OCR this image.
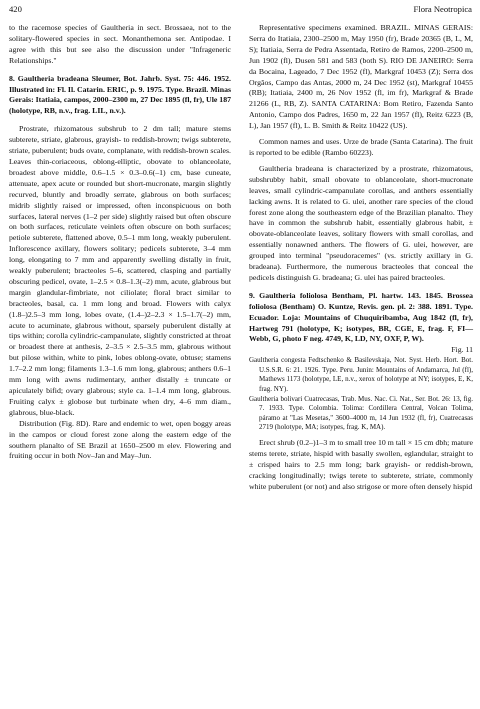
420	Flora Neotropica

to the racemose species of Gaultheria in sect. Brossaea, not to the solitary-flowered species in sect. Monanthemona ser. Antipodae. I agree with this but see also the discussion under "Infrageneric Relationships."

8. Gaultheria bradeana Sleumer, Bot. Jahrb. Syst. 75: 446. 1952. Illustrated in: Fl. Il. Catarin. ERIC, p. 9. 1975. Type. Brazil. Minas Gerais: Itatiaia, campos, 2000–2300 m, 27 Dec 1895 (fl, fr), Ule 187 (holotype, RB, n.v., frag. LIL, n.v.).

Prostrate, rhizomatous subshrub to 2 dm tall; mature stems subterete, striate, glabrous, grayish- to reddish-brown; twigs subterete, striate, puberulent; buds ovate, complanate, with reddish-brown scales. Leaves thin-coriaceous, oblong-elliptic, obovate to oblanceolate, broadest above middle, 0.6–1.5 × 0.3–0.6(–1) cm, base cuneate, attenuate, apex acute or rounded but short-mucronate, margin slightly recurved, bluntly and broadly serrate, glabrous on both surfaces; midrib slightly raised or impressed, often inconspicuous on both surfaces, lateral nerves (1–2 per side) slightly raised but often obscure on both surfaces, reticulate veinlets often obscure on both surfaces; petiole subterete, flattened above, 0.5–1 mm long, weakly puberulent. Inflorescence axillary, flowers solitary; pedicels subterete, 3–4 mm long, elongating to 7 mm and apparently swelling distally in fruit, weakly puberulent; bracteoles 5–6, scattered, clasping and partially obscuring pedicel, ovate, 1–2.5 × 0.8–1.3(–2) mm, acute, glabrous but margin glandular-fimbriate, not ciliolate; floral bract similar to bracteoles, basal, ca. 1 mm long and broad. Flowers with calyx (1.8–)2.5–3 mm long, lobes ovate, (1.4–)2–2.3 × 1.5–1.7(–2) mm, acute to acuminate, glabrous without, sparsely puberulent distally at tips within; corolla cylindric-campanulate, slightly constricted at throat or broadest there at anthesis, 2–3.5 × 2.5–3.5 mm, glabrous without but pilose within, white to pink, lobes oblong-ovate, obtuse; stamens 1.7–2.2 mm long; filaments 1.3–1.6 mm long, glabrous; anthers 0.6–1 mm long with awns rudimentary, anther distally ± truncate or apiculately bifid; ovary glabrous; style ca. 1–1.4 mm long, glabrous. Fruiting calyx ± globose but turbinate when dry, 4–6 mm diam., glabrous, blue-black.

Distribution (Fig. 8D). Rare and endemic to wet, open boggy areas in the campos or cloud forest zone along the eastern edge of the southern planalto of SE Brazil at 1650–2500 m elev. Flowering and fruiting occur in both Nov–Jan and May–Jun.

Representative specimens examined. BRAZIL. MINAS GERAIS: Serra do Itatiaia, 2300–2500 m, May 1950 (fr), Brade 20365 (B, L, M, S); Itatiaia, Serra de Pedra Assentada, Retiro de Ramos, 2200–2500 m, Jun 1902 (fl), Dusen 581 and 583 (both S). RIO DE JANEIRO: Serra da Bocaina, Lageado, 7 Dec 1952 (fl), Markgraf 10453 (Z); Serra dos Orgãos, Campo das Antas, 2000 m, 24 Dec 1952 (st), Markgraf 10455 (RB); Itatiaia, 2400 m, 26 Nov 1952 (fl, im fr), Markgraf & Brade 21266 (L, RB, Z). SANTA CATARINA: Bom Retiro, Fazenda Santo Antonio, Campo dos Padres, 1650 m, 22 Jan 1957 (fl), Reitz 6223 (B, L), Jan 1957 (fl), L. B. Smith & Reitz 10422 (US).

Common names and uses. Urze de brade (Santa Catarina). The fruit is reported to be edible (Rambo 60223).

Gaultheria bradeana is characterized by a prostrate, rhizomatous, subshrubby habit, small obovate to oblanceolate, short-mucronate leaves, small cylindric-campanulate corollas, and anthers essentially lacking awns. It is related to G. ulei, another rare species of the cloud forest zone along the southeastern edge of the Brazilian planalto. They have in common the subshrub habit, essentially glabrous habit, ± obovate-oblanceolate leaves, solitary flowers with small corollas, and essentially nonawned anthers. The flowers of G. ulei, however, are grouped into terminal "pseudoracemes" (vs. strictly axillary in G. bradeana). Furthermore, the numerous bracteoles that conceal the pedicels distinguish G. bradeana; G. ulei has paired bracteoles.

9. Gaultheria foliolosa Bentham, Pl. hartw. 143. 1845. Brossea foliolosa (Bentham) O. Kuntze, Revis. gen. pl. 2: 388. 1891. Type. Ecuador. Loja: Mountains of Chuquiribamba, Aug 1842 (fl, fr), Hartweg 791 (holotype, K; isotypes, BR, CGE, E, frag. F, FI—Webb, G, photo F neg. 4749, K, LD, NY, OXF, P, W).

Fig. 11

Gaultheria congesta Fedtschenko & Basilevskaja, Not. Syst. Herb. Hort. Bot. U.S.S.R. 6: 21. 1926. Type. Peru. Junin: Mountains of Andamarca, Jul (fl), Mathews 1173 (holotype, LE, n.v., xerox of holotype at NY; isotypes, E, K, frag. NY).

Gaultheria bolivari Cuatrecasas, Trab. Mus. Nac. Ci. Nat., Ser. Bot. 26: 13, fig. 7. 1933. Type. Colombia. Tolima: Cordillera Central, Volcan Tolima, páramo at "Las Mesetas," 3600–4000 m, 14 Jun 1932 (fl, fr), Cuatrecasas 2719 (holotype, MA; isotypes, frag. K, MA).

Erect shrub (0.2–)1–3 m to small tree 10 m tall × 15 cm dbh; mature stems terete, striate, hispid with basally swollen, eglandular, straight to ± crisped hairs to 2.5 mm long; bark grayish- or reddish-brown, cracking longitudinally; twigs terete to subterete, striate, commonly white puberulent (or not) and also strigose or more often densely hispid
